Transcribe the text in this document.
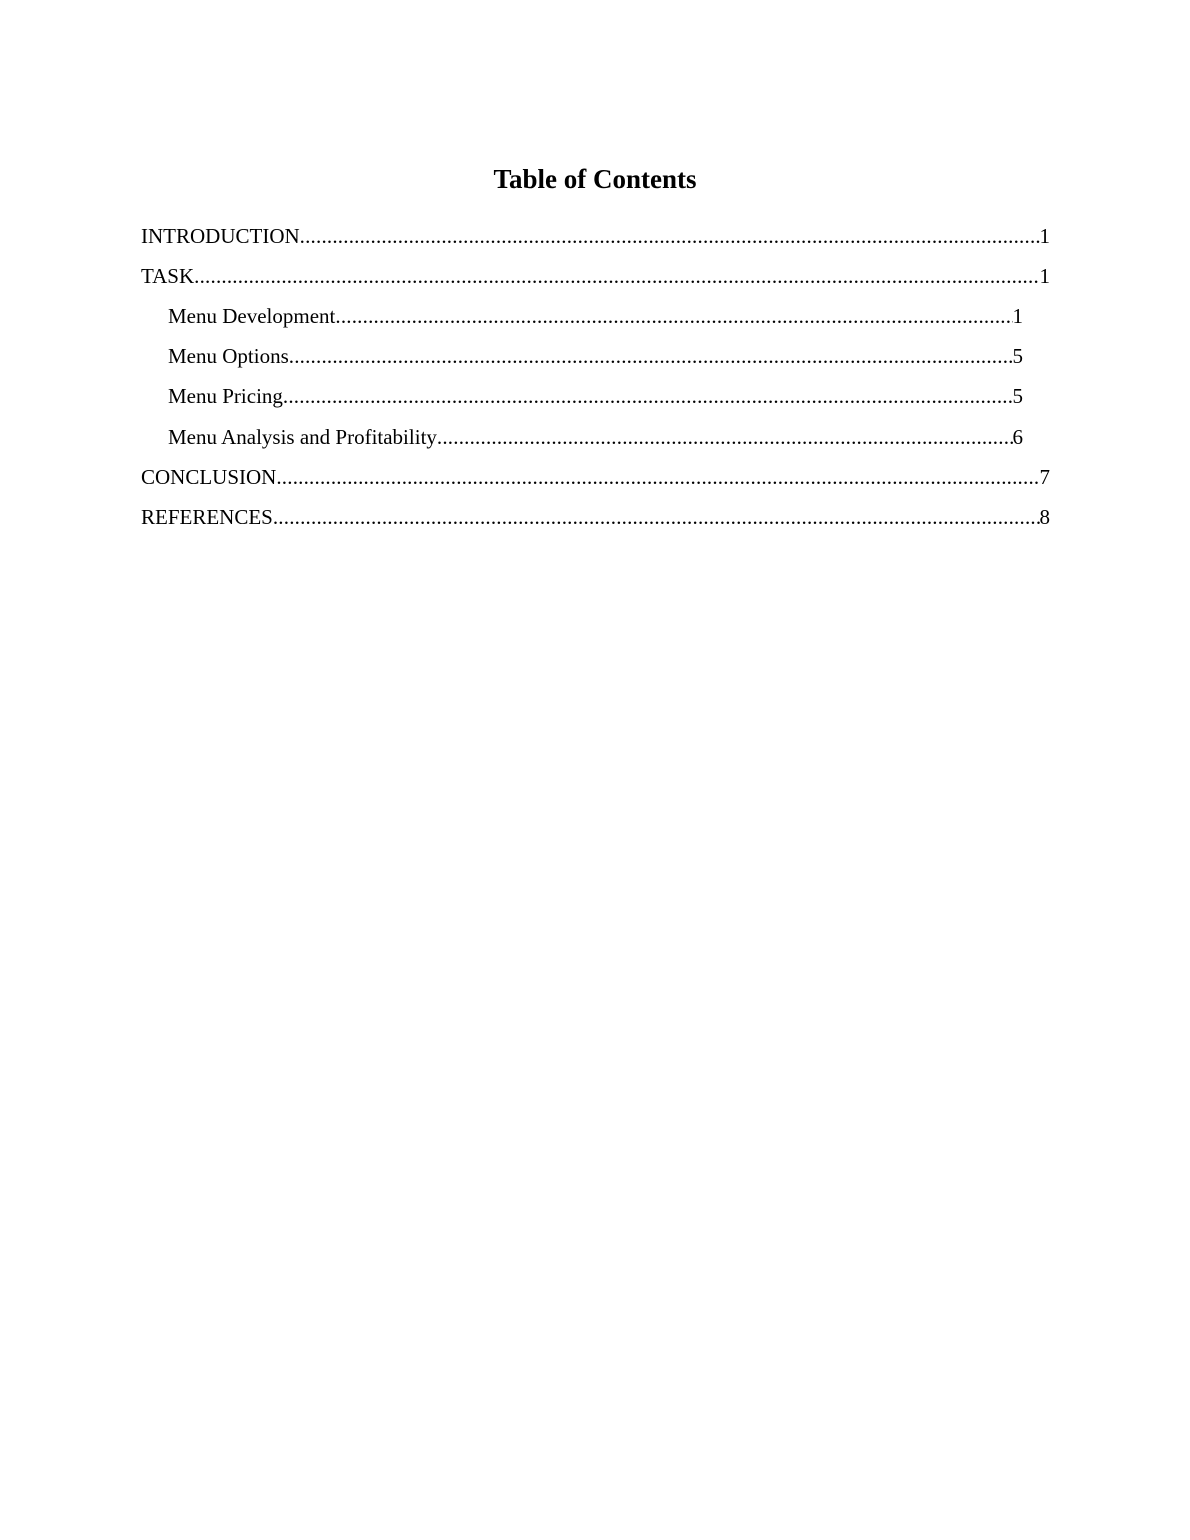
Table of Contents
INTRODUCTION .....	1
TASK .....	1
Menu Development .....	1
Menu Options .....	5
Menu Pricing .....	5
Menu Analysis and Profitability .....	6
CONCLUSION .....	7
REFERENCES .....	8
